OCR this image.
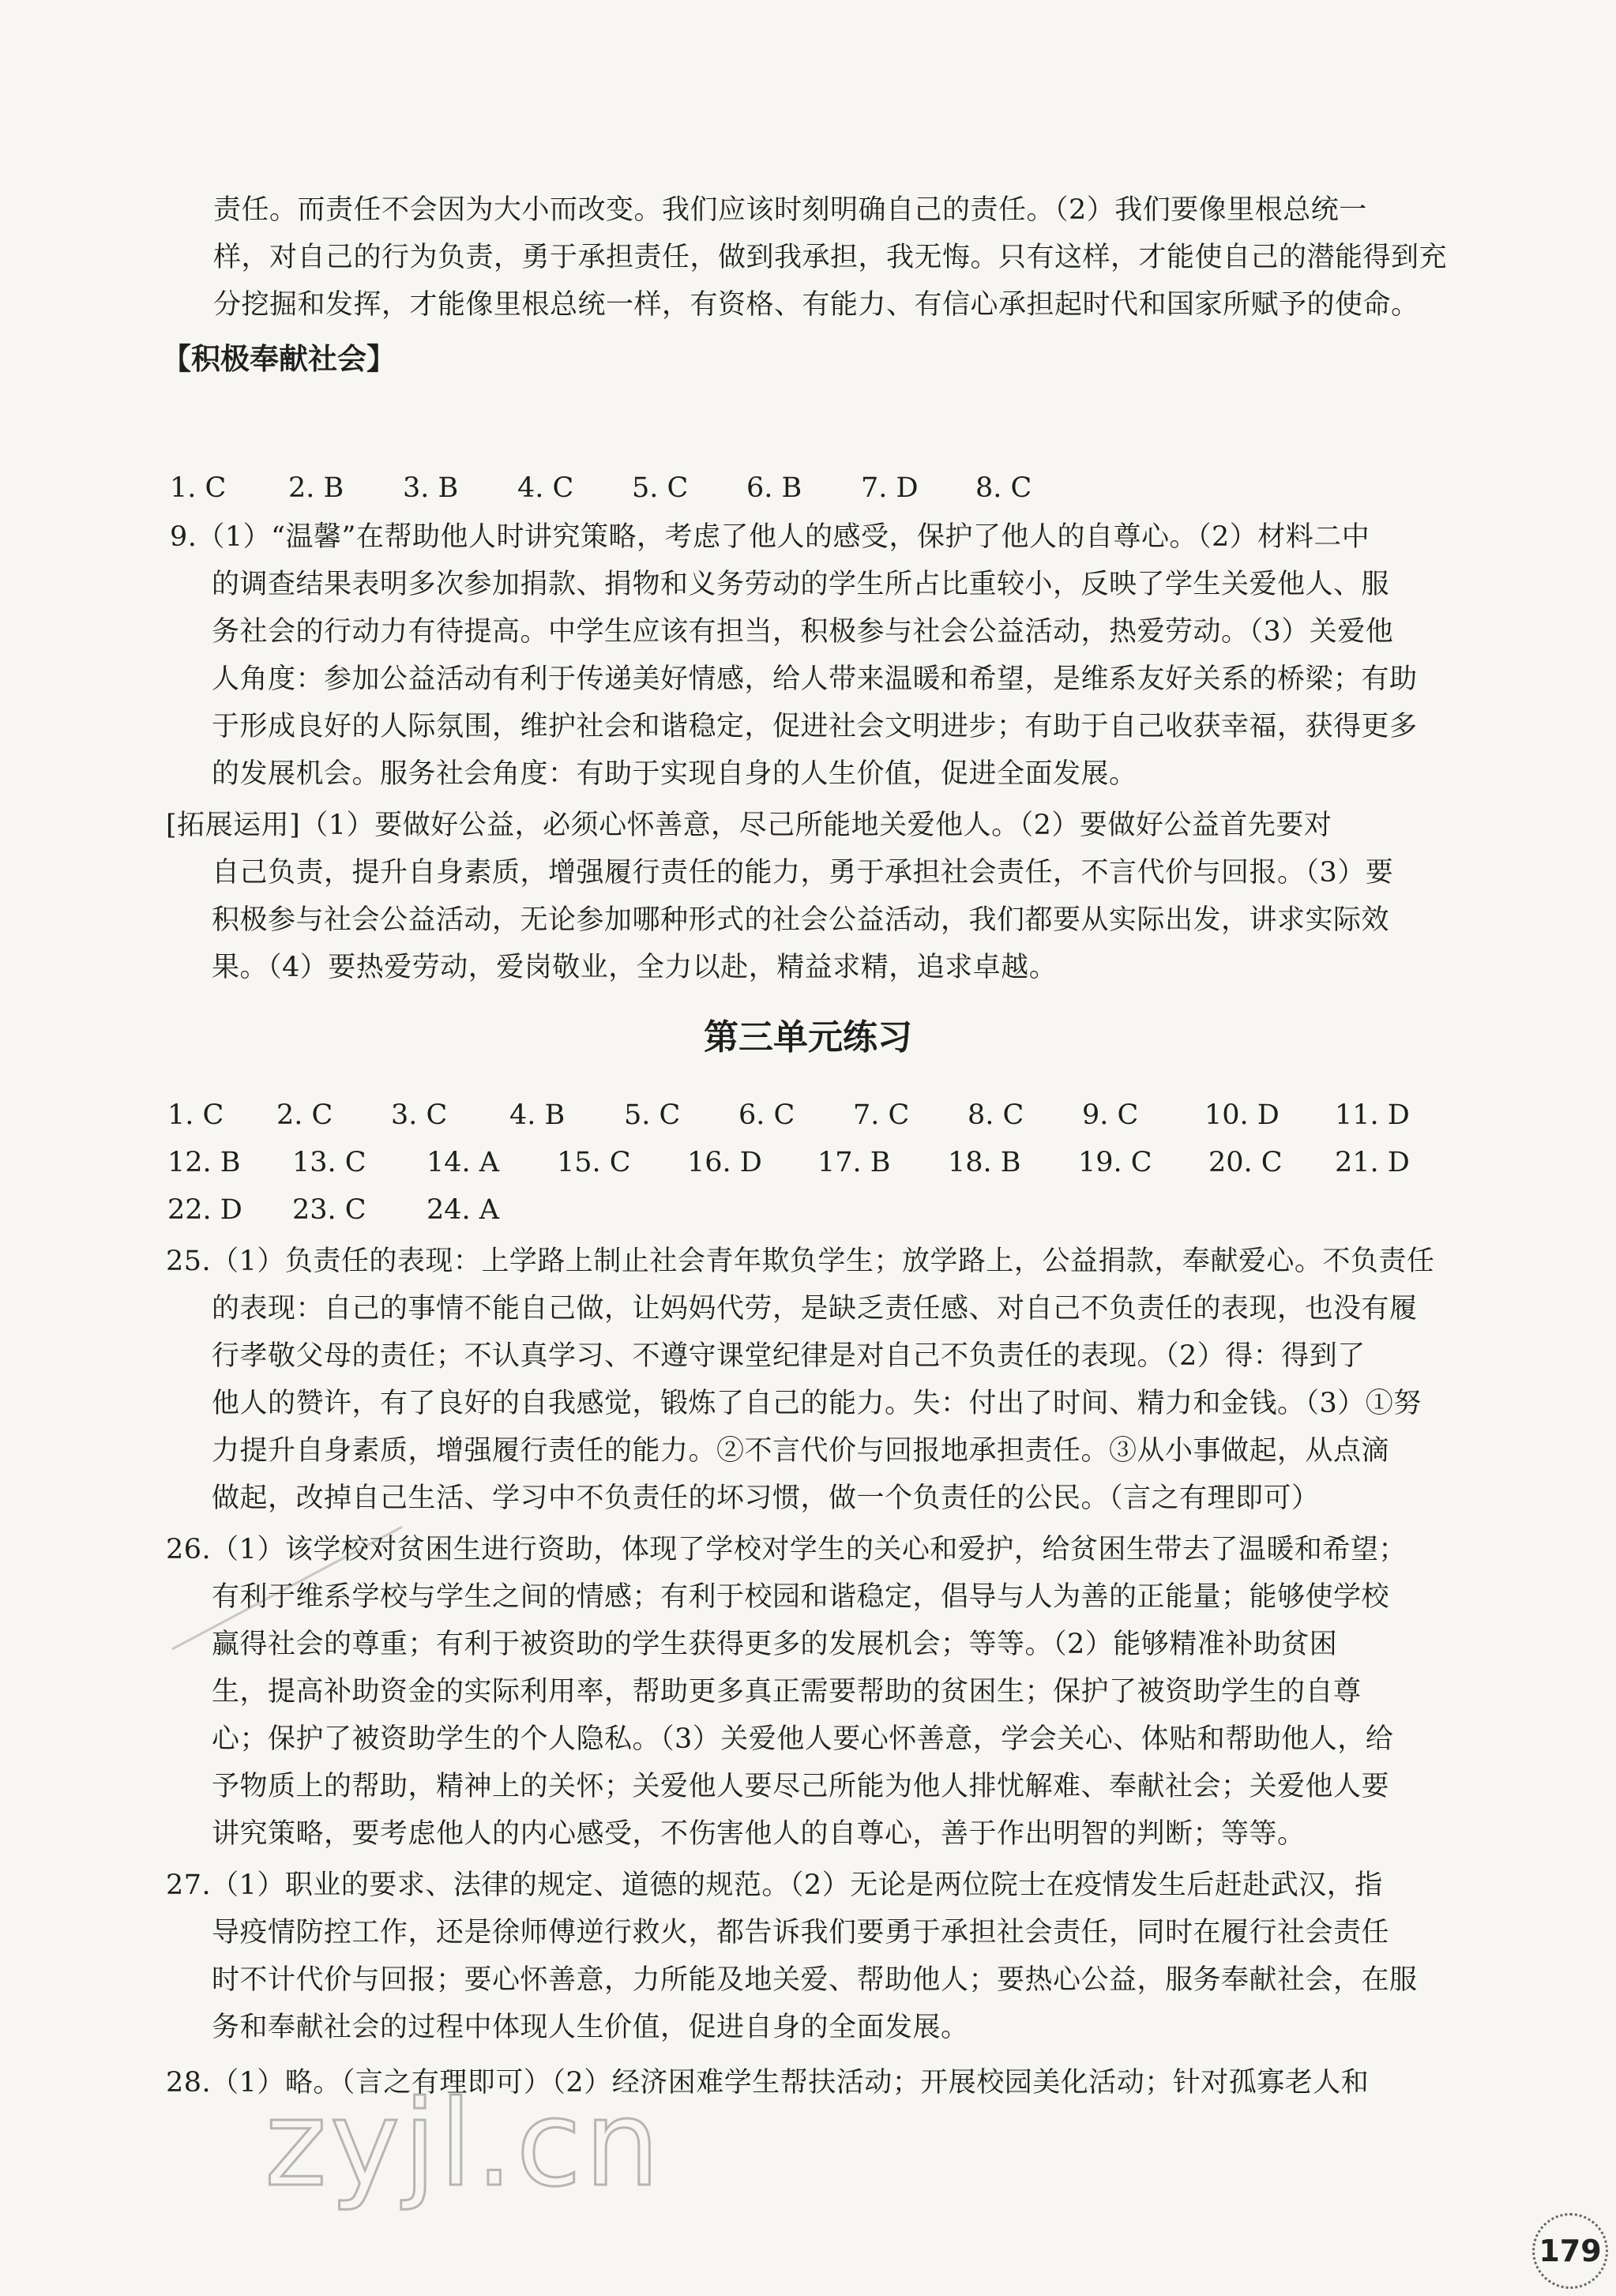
责任。而责任不会因为大小而改变。我们应该时刻明确自己的责任。（2）我们要像里根总统一
样，对自己的行为负责，勇于承担责任，做到我承担，我无悔。只有这样，才能使自己的潜能得到充
分挖掘和发挥，才能像里根总统一样，有资格、有能力、有信心承担起时代和国家所赋予的使命。
【积极奉献社会】
1. C 2. B 3. B 4. C 5. C 6. B 7. D 8. C
9.（1）“温馨”在帮助他人时讲究策略，考虑了他人的感受，保护了他人的自尊心。（2）材料二中
的调查结果表明多次参加捐款、捐物和义务劳动的学生所占比重较小，反映了学生关爱他人、服
务社会的行动力有待提高。中学生应该有担当，积极参与社会公益活动，热爱劳动。（3）关爱他
人角度：参加公益活动有利于传递美好情感，给人带来温暖和希望，是维系友好关系的桥梁；有助
于形成良好的人际氛围，维护社会和谐稳定，促进社会文明进步；有助于自己收获幸福，获得更多
的发展机会。服务社会角度：有助于实现自身的人生价值，促进全面发展。
[拓展运用]（1）要做好公益，必须心怀善意，尽己所能地关爱他人。（2）要做好公益首先要对
自己负责，提升自身素质，增强履行责任的能力，勇于承担社会责任，不言代价与回报。（3）要
积极参与社会公益活动，无论参加哪种形式的社会公益活动，我们都要从实际出发，讲求实际效
果。（4）要热爱劳动，爱岗敬业，全力以赴，精益求精，追求卓越。
第三单元练习
1. C 2. C 3. C 4. B 5. C 6. C 7. C 8. C 9. C 10. D 11. D
12. B 13. C 14. A 15. C 16. D 17. B 18. B 19. C 20. C 21. D
22. D 23. C 24. A
25.（1）负责任的表现：上学路上制止社会青年欺负学生；放学路上，公益捐款，奉献爱心。不负责任
的表现：自己的事情不能自己做，让妈妈代劳，是缺乏责任感、对自己不负责任的表现，也没有履
行孝敬父母的责任；不认真学习、不遵守课堂纪律是对自己不负责任的表现。（2）得：得到了
他人的赞许，有了良好的自我感觉，锻炼了自己的能力。失：付出了时间、精力和金钱。（3）①努
力提升自身素质，增强履行责任的能力。②不言代价与回报地承担责任。③从小事做起，从点滴
做起，改掉自己生活、学习中不负责任的坏习惯，做一个负责任的公民。（言之有理即可）
26.（1）该学校对贫困生进行资助，体现了学校对学生的关心和爱护，给贫困生带去了温暖和希望；
有利于维系学校与学生之间的情感；有利于校园和谐稳定，倡导与人为善的正能量；能够使学校
赢得社会的尊重；有利于被资助的学生获得更多的发展机会；等等。（2）能够精准补助贫困
生，提高补助资金的实际利用率，帮助更多真正需要帮助的贫困生；保护了被资助学生的自尊
心；保护了被资助学生的个人隐私。（3）关爱他人要心怀善意，学会关心、体贴和帮助他人，给
予物质上的帮助，精神上的关怀；关爱他人要尽己所能为他人排忧解难、奉献社会；关爱他人要
讲究策略，要考虑他人的内心感受，不伤害他人的自尊心，善于作出明智的判断；等等。
27.（1）职业的要求、法律的规定、道德的规范。（2）无论是两位院士在疫情发生后赶赴武汉，指
导疫情防控工作，还是徐师傅逆行救火，都告诉我们要勇于承担社会责任，同时在履行社会责任
时不计代价与回报；要心怀善意，力所能及地关爱、帮助他人；要热心公益，服务奉献社会，在服
务和奉献社会的过程中体现人生价值，促进自身的全面发展。
28.（1）略。（言之有理即可）（2）经济困难学生帮扶活动；开展校园美化活动；针对孤寡老人和
zyjl.cn
179
